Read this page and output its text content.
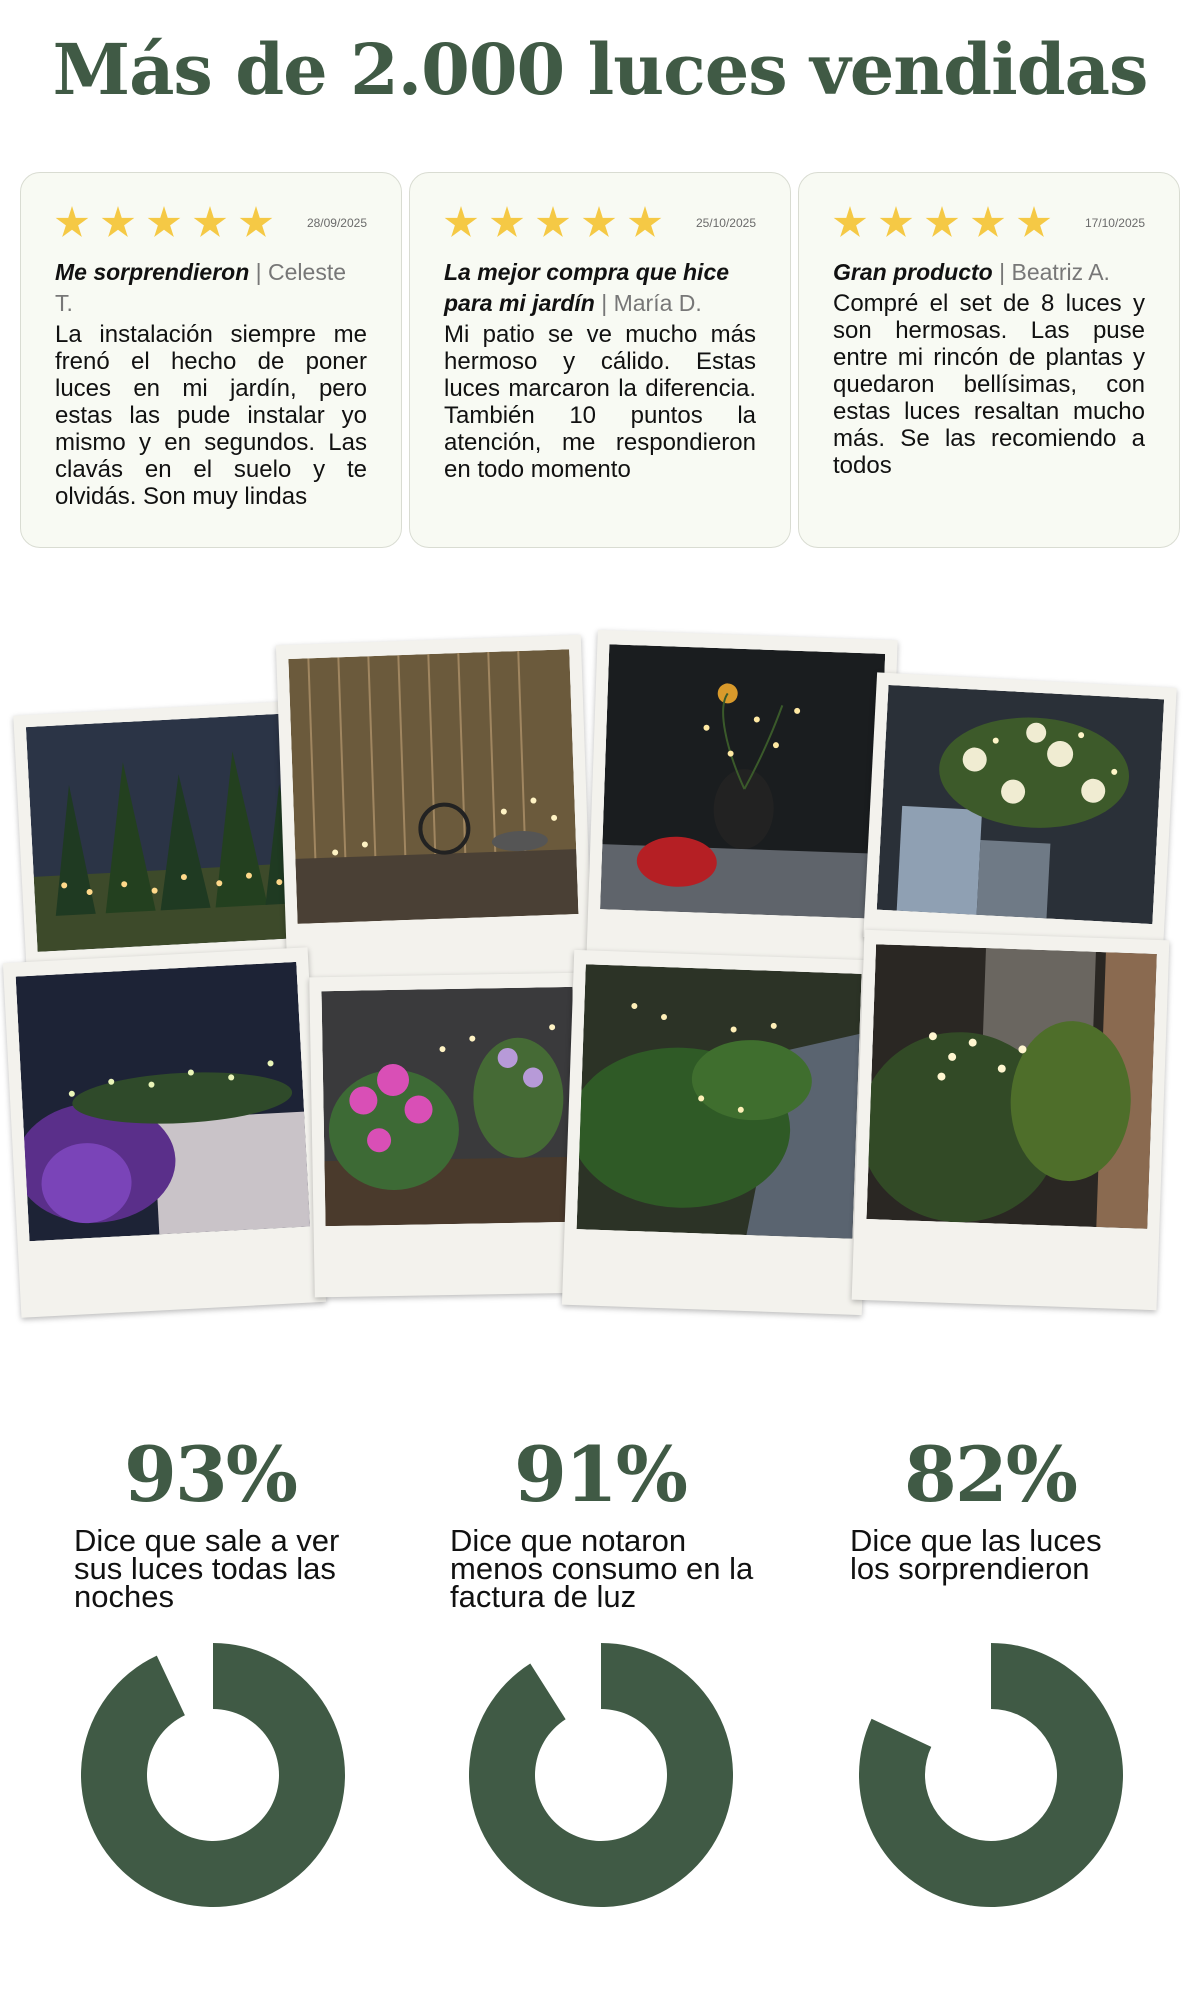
Más de 2.000 luces vendidas
28/09/2025
Me sorprendieron | Celeste T.

La instalación siempre me frenó el hecho de poner luces en mi jardín, pero estas las pude instalar yo mismo y en segundos. Las clavás en el suelo y te olvidás. Son muy lindas

25/10/2025
La mejor compra que hice para mi jardín | María D.

Mi patio se ve mucho más hermoso y cálido. Estas luces marcaron la diferencia. También 10 puntos la atención, me respondieron en todo momento

17/10/2025
Gran producto | Beatriz A.

Compré el set de 8 luces y son hermosas. Las puse entre mi rincón de plantas y quedaron bellísimas, con estas luces resaltan mucho más. Se las recomiendo a todos

93%

Dice que sale a ver sus luces todas las noches

91%

Dice que notaron menos consumo en la factura de luz

82%

Dice que las luces los sorprendieron
